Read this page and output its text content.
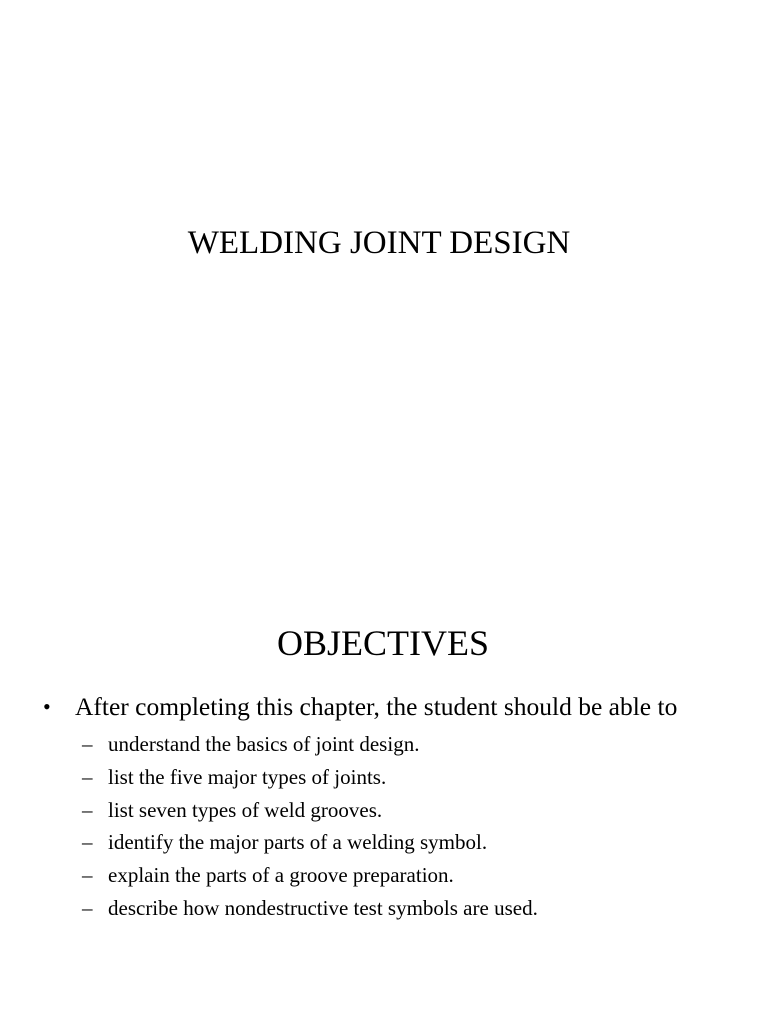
WELDING JOINT DESIGN
OBJECTIVES
• After completing this chapter, the student should be able to
– understand the basics of joint design.
– list the five major types of joints.
– list seven types of weld grooves.
– identify the major parts of a welding symbol.
– explain the parts of a groove preparation.
– describe how nondestructive test symbols are used.
